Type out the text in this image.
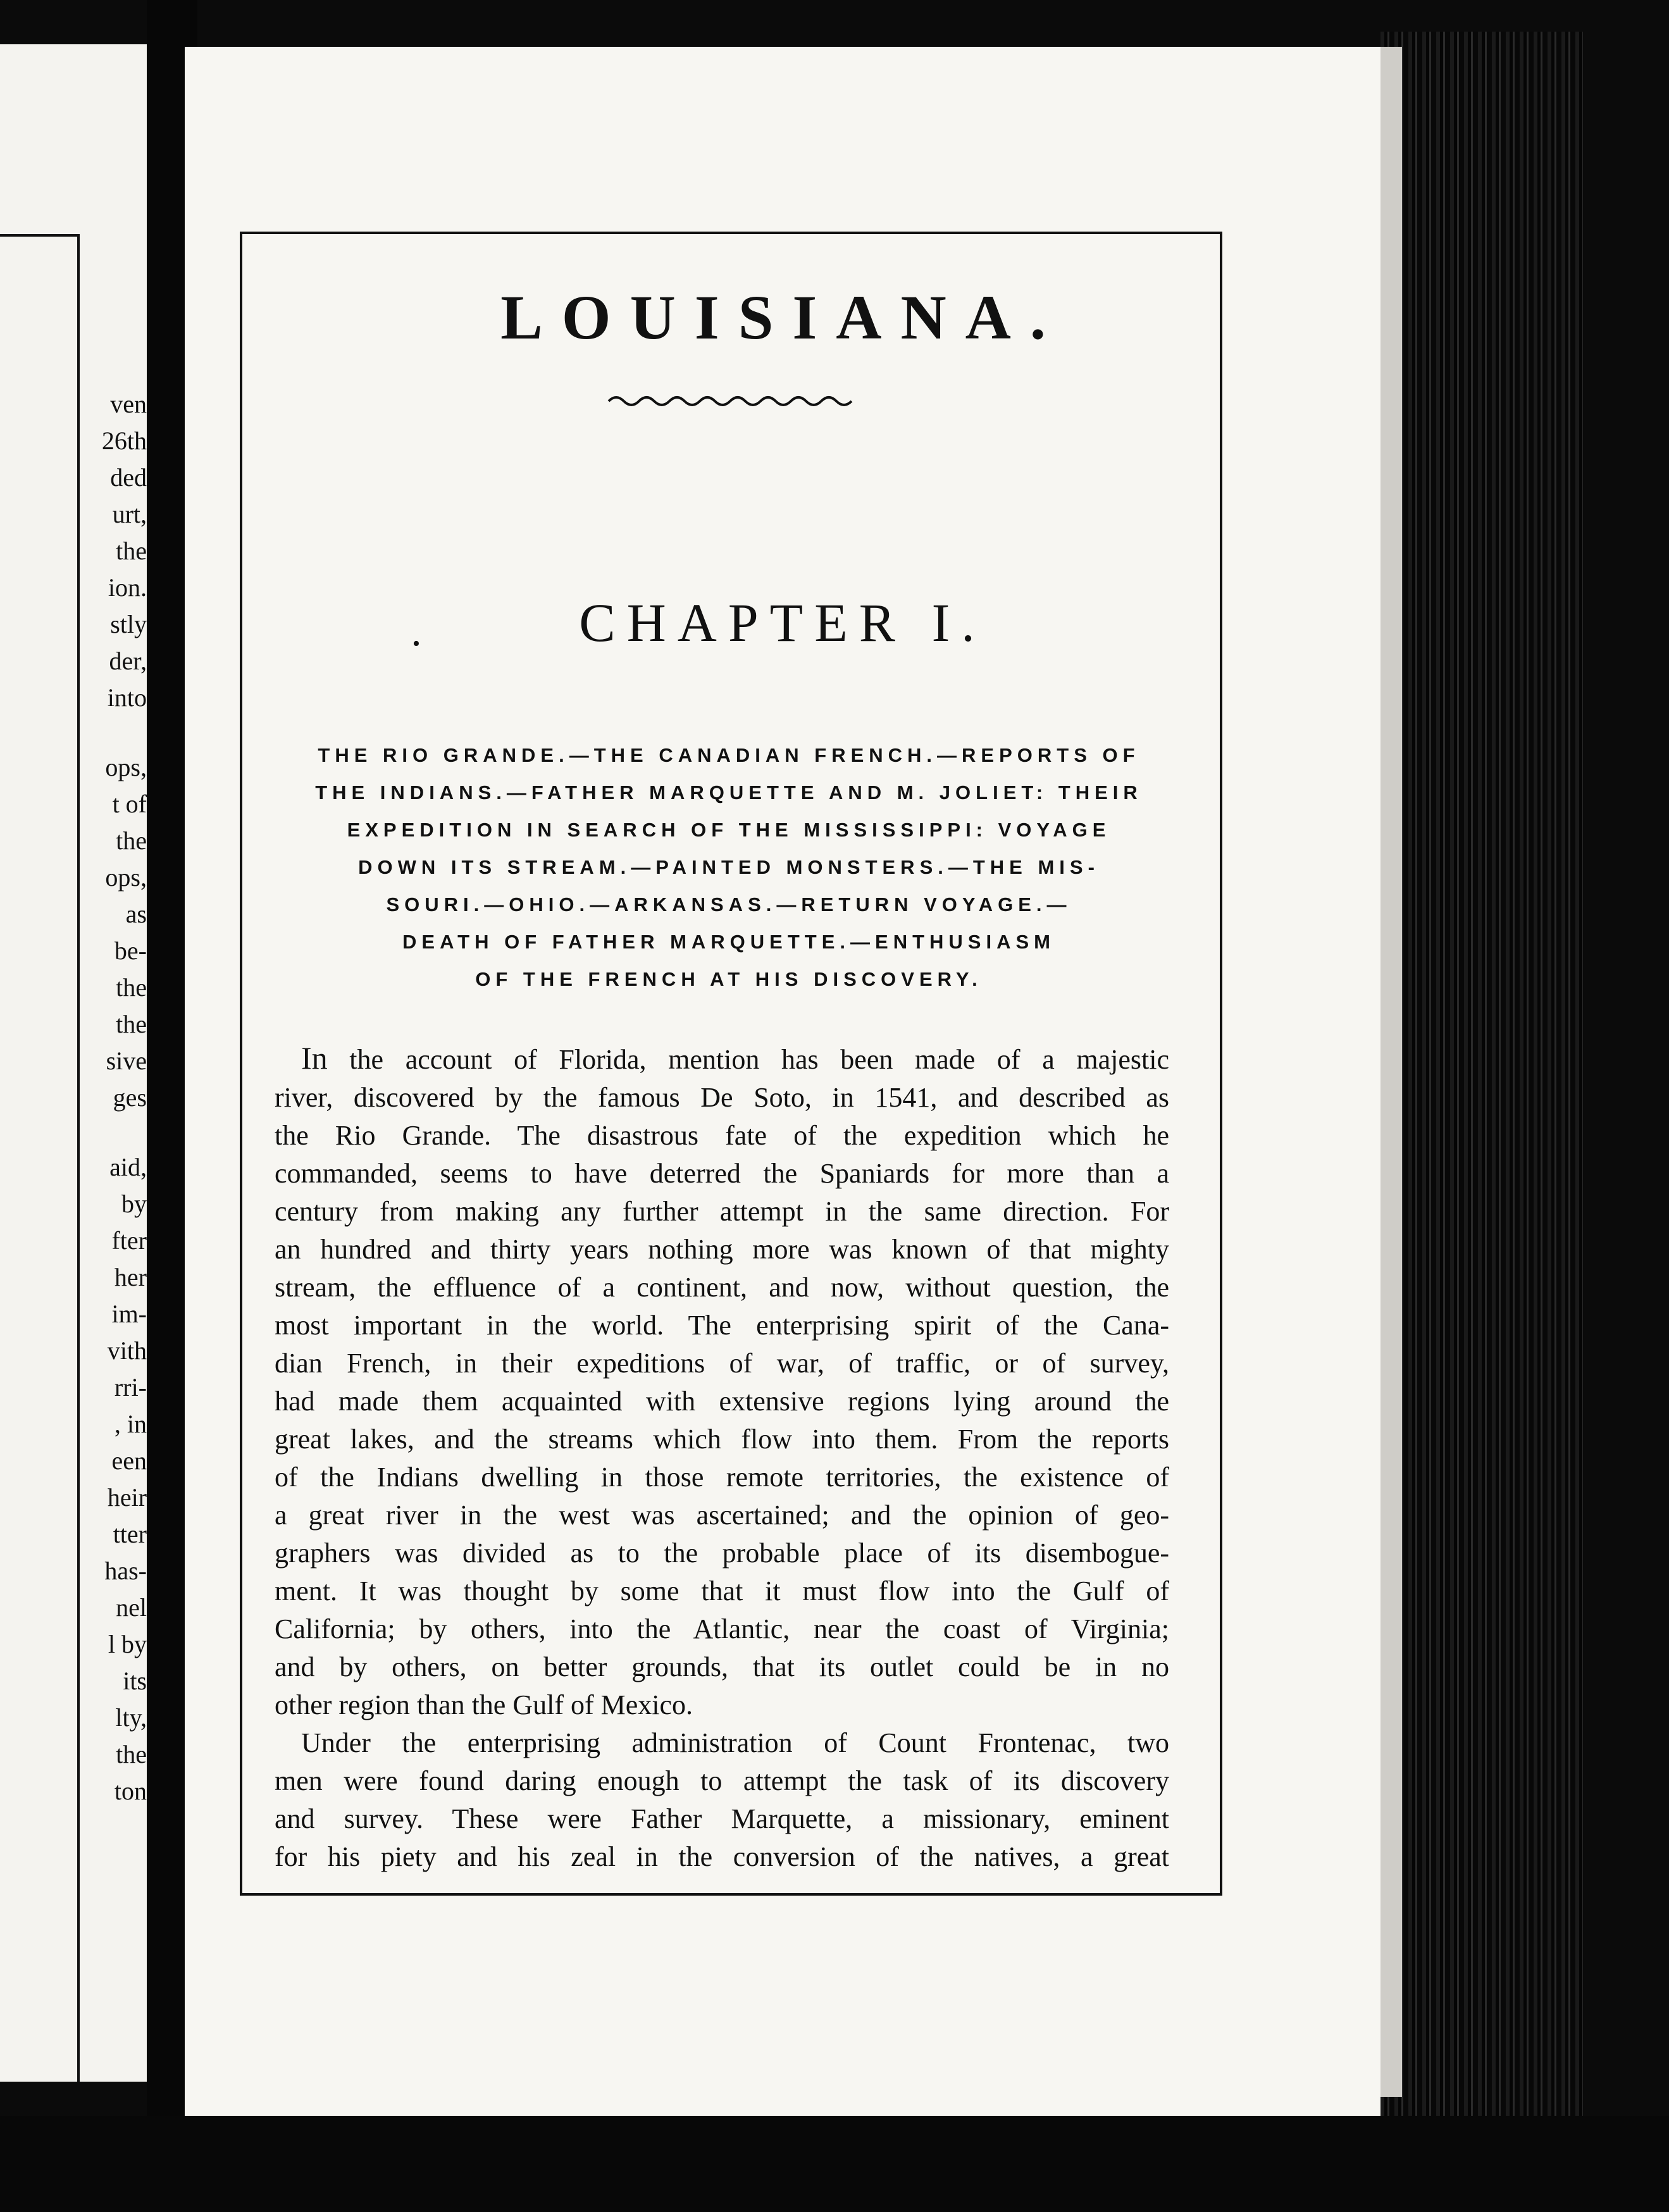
ven
26th
ded
urt,
the
ion.
stly
der,
into
ops,
t of
the
ops,
as
be-
the
the
sive
ges
aid,
by
fter
her
im-
vith
rri-
, in
een
heir
tter
has-
nel
l by
its
lty,
the
ton
LOUISIANA.
•	CHAPTER I.
THE RIO GRANDE.—THE CANADIAN FRENCH.—REPORTS OF
THE INDIANS.—FATHER MARQUETTE AND M. JOLIET: THEIR
EXPEDITION IN SEARCH OF THE MISSISSIPPI: VOYAGE
DOWN ITS STREAM.—PAINTED MONSTERS.—THE MIS-
SOURI.—OHIO.—ARKANSAS.—RETURN VOYAGE.—
DEATH OF FATHER MARQUETTE.—ENTHUSIASM
OF THE FRENCH AT HIS DISCOVERY.
In the account of Florida, mention has been made of a majestic
river, discovered by the famous De Soto, in 1541, and described as
the Rio Grande. The disastrous fate of the expedition which he
commanded, seems to have deterred the Spaniards for more than a
century from making any further attempt in the same direction. For
an hundred and thirty years nothing more was known of that mighty
stream, the effluence of a continent, and now, without question, the
most important in the world. The enterprising spirit of the Cana-
dian French, in their expeditions of war, of traffic, or of survey,
had made them acquainted with extensive regions lying around the
great lakes, and the streams which flow into them. From the reports
of the Indians dwelling in those remote territories, the existence of
a great river in the west was ascertained; and the opinion of geo-
graphers was divided as to the probable place of its disembogue-
ment. It was thought by some that it must flow into the Gulf of
California; by others, into the Atlantic, near the coast of Virginia;
and by others, on better grounds, that its outlet could be in no
other region than the Gulf of Mexico.
Under the enterprising administration of Count Frontenac, two
men were found daring enough to attempt the task of its discovery
and survey. These were Father Marquette, a missionary, eminent
for his piety and his zeal in the conversion of the natives, a great
